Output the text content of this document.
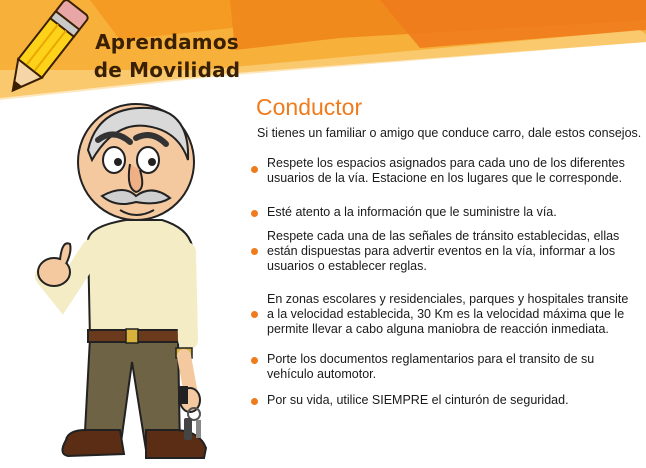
Aprendamos
de Movilidad
Conductor
Si tienes un familiar o amigo que conduce carro, dale estos consejos.
Respete los espacios asignados para cada uno de los diferentes
usuarios de la vía. Estacione en los lugares que le corresponde.
Esté atento a la información que le suministre la vía.
Respete cada una de las señales de tránsito establecidas, ellas
están dispuestas para advertir eventos en la vía, informar a los
usuarios o establecer reglas.
En zonas escolares y residenciales, parques y hospitales transite
a la velocidad establecida, 30 Km es la velocidad máxima que le
permite llevar a cabo alguna maniobra de reacción inmediata.
Porte los documentos reglamentarios para el transito de su
vehículo automotor.
Por su vida, utilice SIEMPRE el cinturón de seguridad.
